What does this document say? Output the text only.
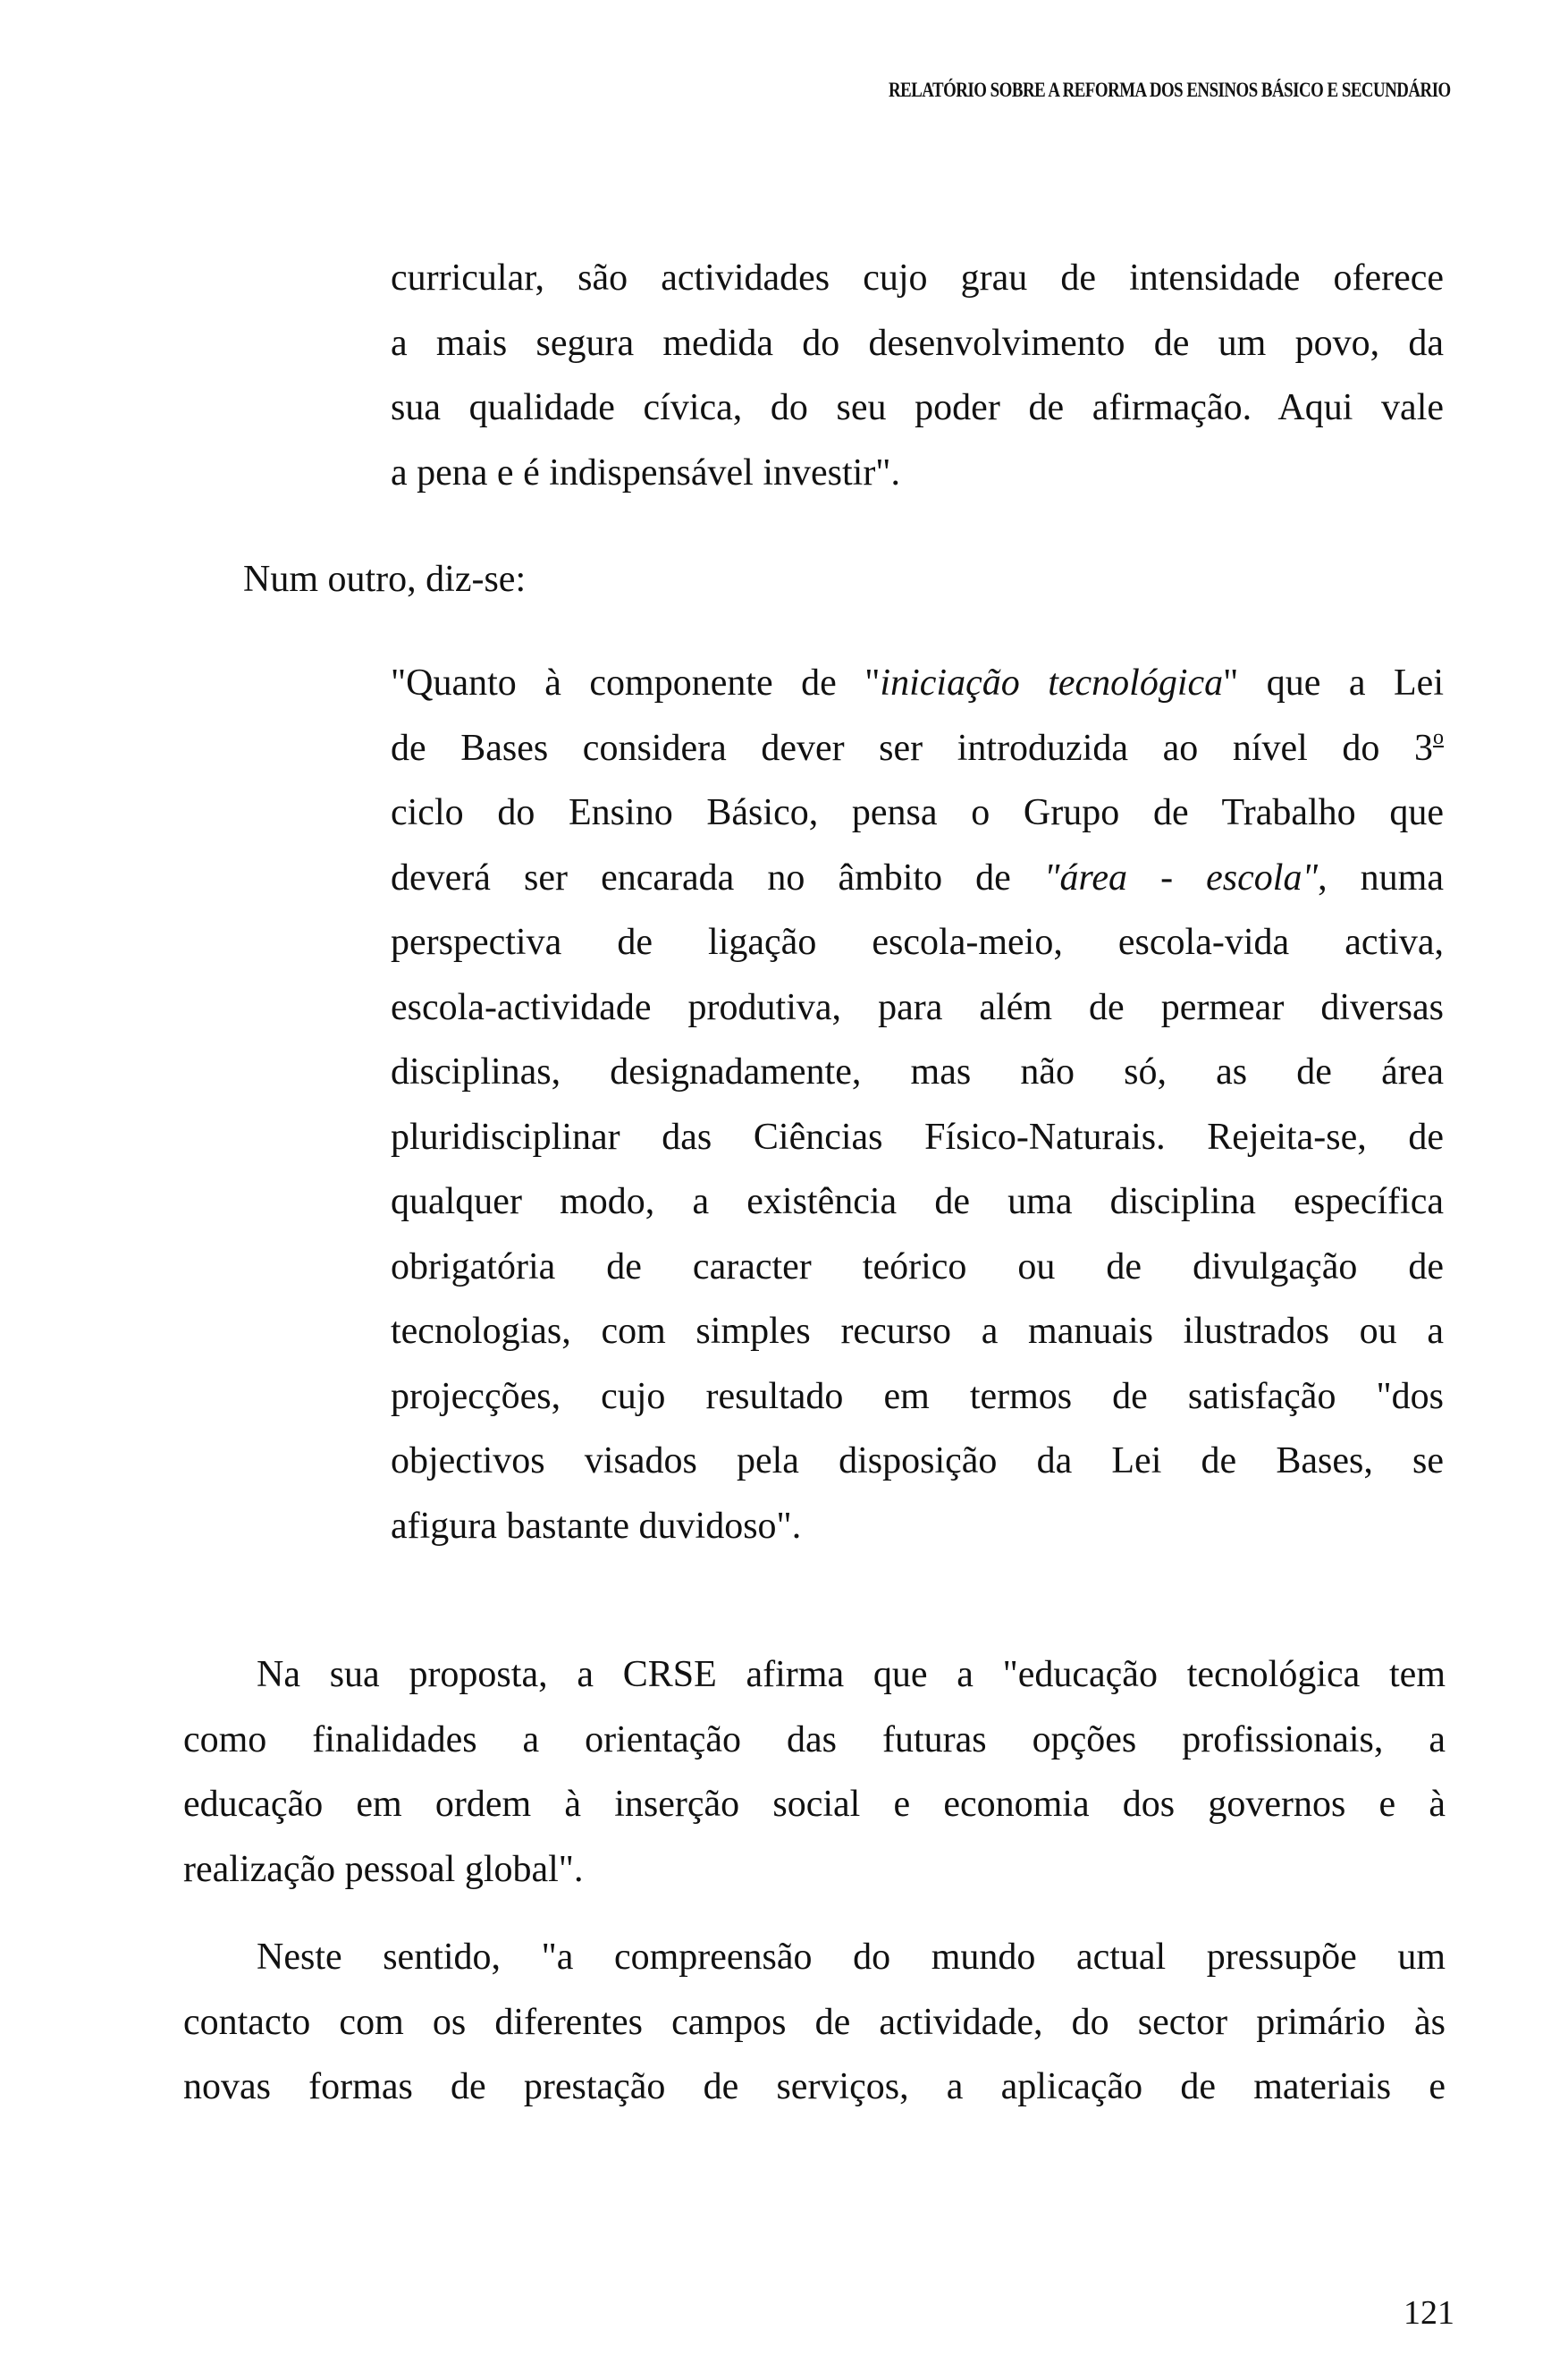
RELATÓRIO SOBRE A REFORMA DOS ENSINOS BÁSICO E SECUNDÁRIO
curricular, são actividades cujo grau de intensidade oferece
a mais segura medida do desenvolvimento de um povo, da
sua qualidade cívica, do seu poder de afirmação. Aqui vale
a pena e é indispensável investir".
Num outro, diz-se:
"Quanto à componente de "iniciação tecnológica" que a Lei
de Bases considera dever ser introduzida ao nível do 3$^o$
ciclo do Ensino Básico, pensa o Grupo de Trabalho que
deverá ser encarada no âmbito de "área - escola", numa
perspectiva de ligação escola-meio, escola-vida activa,
escola-actividade produtiva, para além de permear diversas
disciplinas, designadamente, mas não só, as de área
pluridisciplinar das Ciências Físico-Naturais. Rejeita-se, de
qualquer modo, a existência de uma disciplina específica
obrigatória de caracter teórico ou de divulgação de
tecnologias, com simples recurso a manuais ilustrados ou a
projecções, cujo resultado em termos de satisfação "dos
objectivos visados pela disposição da Lei de Bases, se
afigura bastante duvidoso".
Na sua proposta, a CRSE afirma que a "educação tecnológica tem
como finalidades a orientação das futuras opções profissionais, a
educação em ordem à inserção social e economia dos governos e à
realização pessoal global".
Neste sentido, "a compreensão do mundo actual pressupõe um
contacto com os diferentes campos de actividade, do sector primário às
novas formas de prestação de serviços, a aplicação de materiais e
121
